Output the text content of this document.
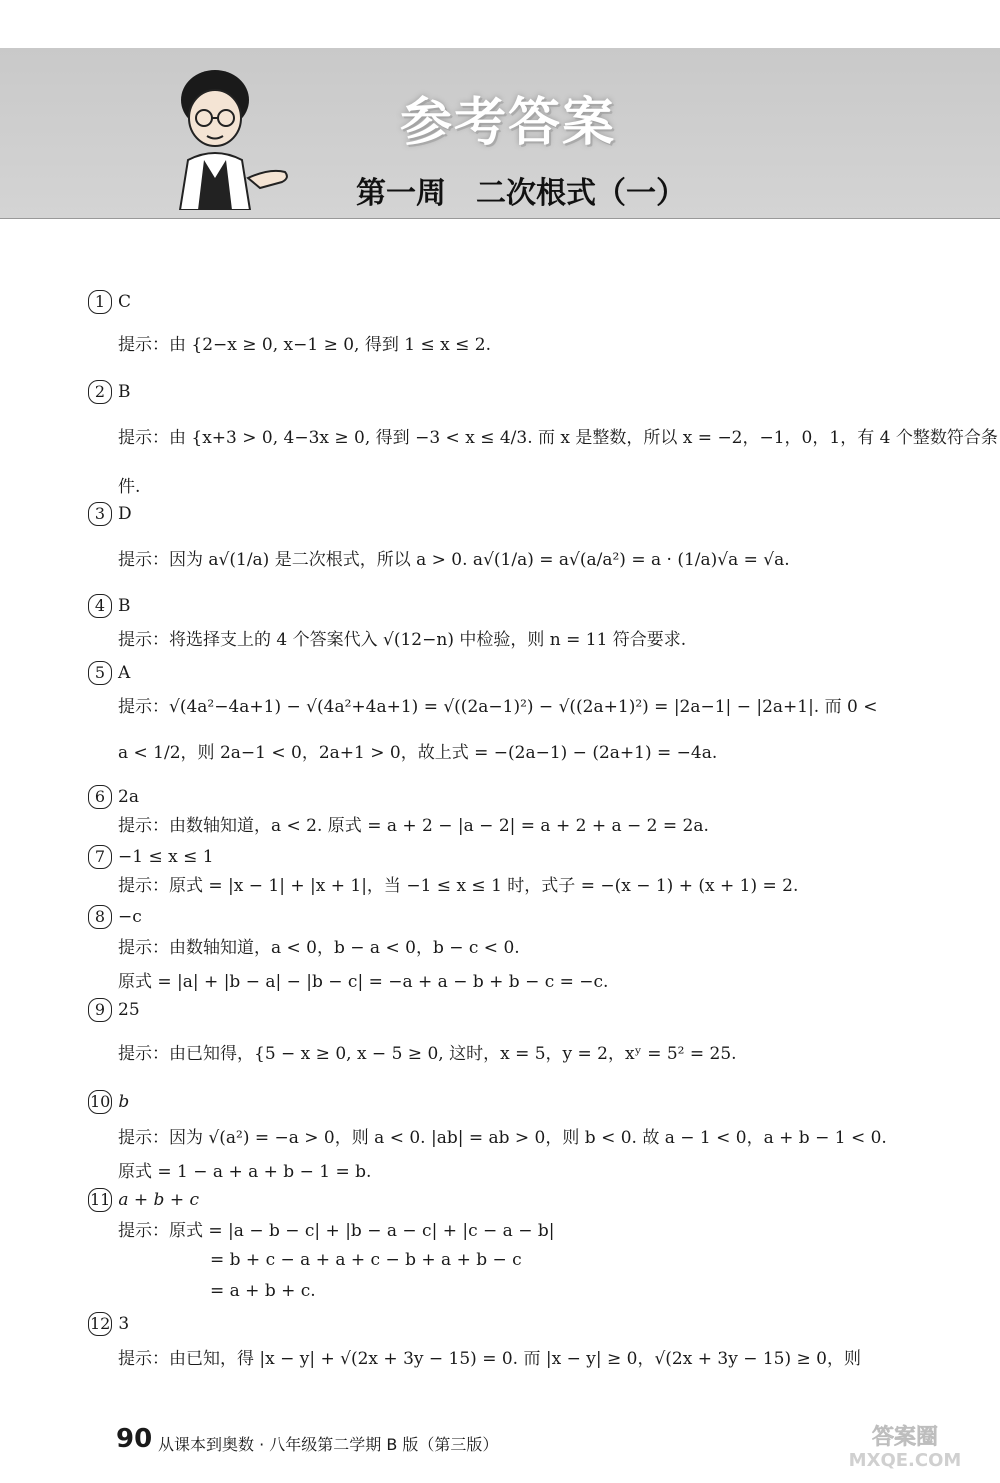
参考答案
第一周　二次根式（一）
1 C
提示：由 {2−x ≥ 0, x−1 ≥ 0, 得到 1 ≤ x ≤ 2.
2 B
提示：由 {x+3 > 0, 4−3x ≥ 0, 得到 −3 < x ≤ 4/3. 而 x 是整数，所以 x = −2，−1，0，1，有 4 个整数符合条
件.
3 D
提示：因为 a√(1/a) 是二次根式，所以 a > 0. a√(1/a) = a√(a/a²) = a · (1/a)√a = √a.
4 B
提示：将选择支上的 4 个答案代入 √(12−n) 中检验，则 n = 11 符合要求.
5 A
提示：√(4a²−4a+1) − √(4a²+4a+1) = √((2a−1)²) − √((2a+1)²) = |2a−1| − |2a+1|. 而 0 <
a < 1/2，则 2a−1 < 0，2a+1 > 0，故上式 = −(2a−1) − (2a+1) = −4a.
6 2a
提示：由数轴知道，a < 2. 原式 = a + 2 − |a − 2| = a + 2 + a − 2 = 2a.
7 −1 ≤ x ≤ 1
提示：原式 = |x − 1| + |x + 1|，当 −1 ≤ x ≤ 1 时，式子 = −(x − 1) + (x + 1) = 2.
8 −c
提示：由数轴知道，a < 0，b − a < 0，b − c < 0.
原式 = |a| + |b − a| − |b − c| = −a + a − b + b − c = −c.
9 25
提示：由已知得，{5 − x ≥ 0, x − 5 ≥ 0, 这时，x = 5，y = 2，xʸ = 5² = 25.
10 b
提示：因为 √(a²) = −a > 0，则 a < 0. |ab| = ab > 0，则 b < 0. 故 a − 1 < 0，a + b − 1 < 0.
原式 = 1 − a + a + b − 1 = b.
11 a + b + c
提示：原式 = |a − b − c| + |b − a − c| + |c − a − b|
= b + c − a + a + c − b + a + b − c
= a + b + c.
12 3
提示：由已知，得 |x − y| + √(2x + 3y − 15) = 0. 而 |x − y| ≥ 0，√(2x + 3y − 15) ≥ 0，则
90 从课本到奥数 · 八年级第二学期 B 版（第三版）	答案圈
MXQE.COM
